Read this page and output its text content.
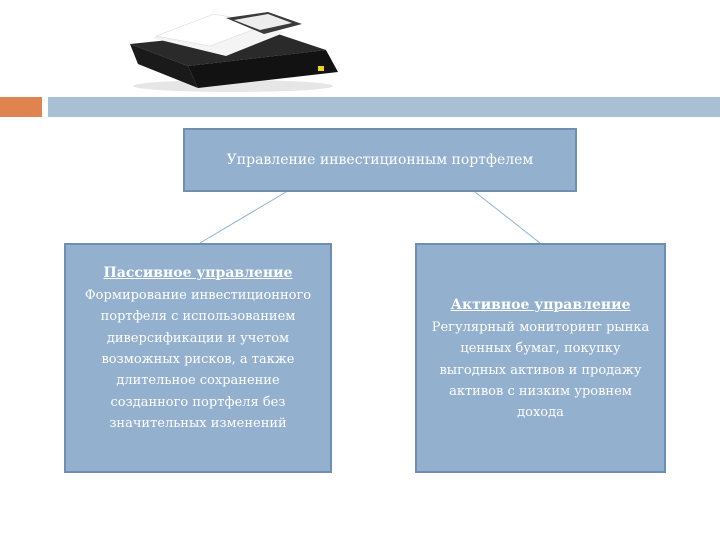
Управление инвестиционным портфелем
Пассивное управление
Формирование инвестиционного портфеля с использованием диверсификации и учетом возможных рисков, а также длительное сохранение созданного портфеля без значительных изменений
Активное управление
Регулярный мониторинг рынка ценных бумаг, покупку выгодных активов и продажу активов с низким уровнем дохода
